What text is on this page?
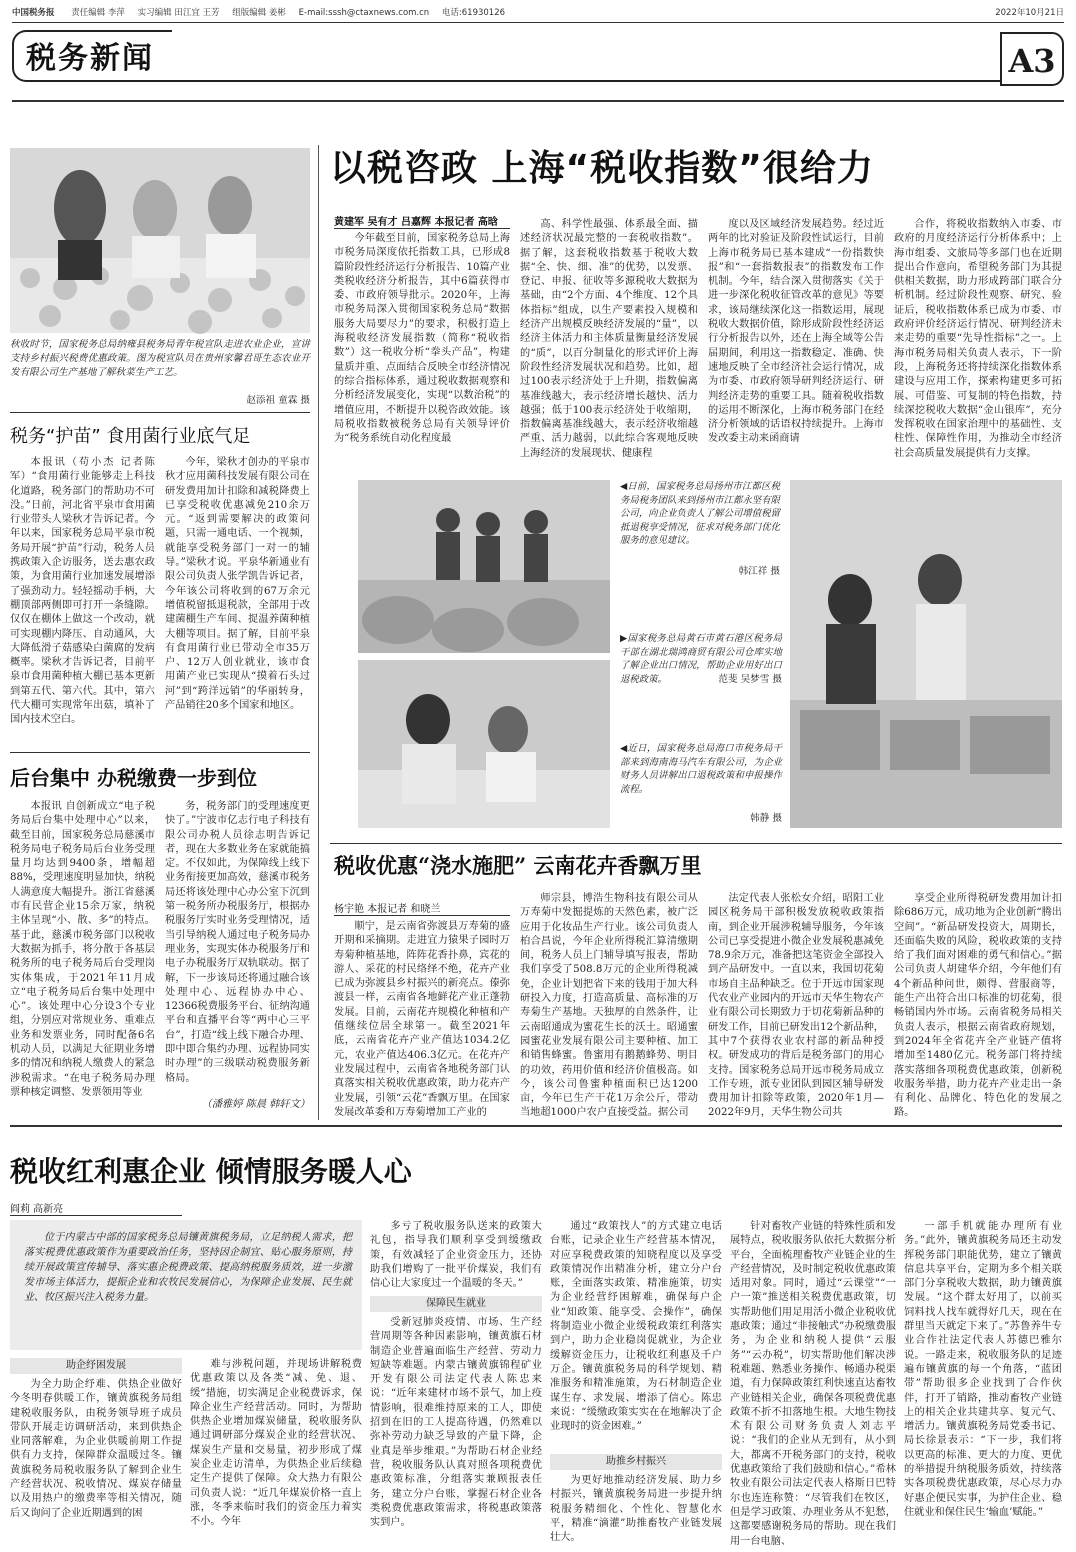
中国税务报 责任编辑 李萍 实习编辑 田江宜 王芳 组版编辑 姜彬 E-mail:sssh@ctaxnews.com.cn 电话:61930126	2022年10月21日
税务新闻	A3
秋收时节，国家税务总局纳雍县税务局青年税宣队走进农业企业，宣讲支持乡村振兴税费优惠政策。图为税宣队员在贵州家馨君哥生态农业开发有限公司生产基地了解秋菜生产工艺。
赵添祖 童霖 摄
税务“护苗” 食用菌行业底气足

本报讯（苟小杰 记者陈军）“食用菌行业能够走上科技化道路，税务部门的帮助功不可没。”日前，河北省平泉市食用菌行业带头人梁秋才告诉记者。今年以来，国家税务总局平泉市税务局开展“护苗”行动，税务人员携政策入企访服务，送去惠农政策，为食用菌行业加速发展增添了强劲动力。轻轻摇动手柄，大棚顶部两侧即可打开一条缝隙。仅仅在棚体上做这一个改动，就可实现棚内降压、自动通风，大大降低滑子菇感染白菌腐的发病概率。梁秋才告诉记者，目前平泉市食用菌种植大棚已基本更新到第五代、第六代。其中，第六代大棚可实现常年出菇，填补了国内技术空白。

今年，梁秋才创办的平泉市秋才应用菌科技发展有限公司在研发费用加计扣除和减税降费上已享受税收优惠减免210余万元。“返到需要解决的政策问题，只需一通电话、一个视频，就能享受税务部门一对一的辅导。”梁秋才说。平泉华新通业有限公司负责人张学凯告诉记者，今年该公司将收到的67万余元增值税留抵退税款，全部用于改建菌棚生产车间、捉温养菌种植大棚等项目。据了解，目前平泉有食用菌行业已带动全市35万户、12万人创业就业，该市食用菌产业已实现从“摸着石头过河”到“跨洋远销”的华丽转身，产品销往20多个国家和地区。

后台集中 办税缴费一步到位

本报讯 自创新成立“电子税务局后台集中处理中心”以来，截至目前，国家税务总局慈溪市税务局电子税务局后台业务受理量月均达到9400条，增幅超88%，受理速度明显加快，纳税人满意度大幅提升。浙江省慈溪市有民营企业15余万家，纳税主体呈现“小、散、多”的特点。基于此，慈溪市税务部门以税收大数据为抓手，将分散于各基层税务所的电子税务局后台受理岗实体集成，于2021年11月成立“电子税务局后台集中处理中心”。该处理中心分设3个专业组，分别应对常规业务、重难点业务和发票业务，同时配备6名机动人员，以满足大征期业务增多的情况和纳税人缴费人的紧急涉税需求。“在电子税务局办理票种核定调整、发票领用等业

务，税务部门的受理速度更快了。”宁波市亿志行电子科技有限公司办税人员徐志明告诉记者，现在大多数业务在家就能搞定。不仅如此，为保障线上线下业务衔接更加高效，慈溪市税务局还将该处理中心办公室下沉到第一税务所办税服务厅，根据办税服务厅实时业务受理情况，适当引导纳税人通过电子税务局办理业务，实现实体办税服务厅和电子办税服务厅双轨联动。据了解，下一步该局还将通过融合该处理中心、远程协办中心、12366税费服务平台、征纳沟通平台和直播平台等“两中心三平台”，打造“线上线下融合办理、即中即合集约办理、远程协同实时办理”的三级联动税费服务新格局。

（潘雅婷 陈晨 韩轩文）
以税咨政 上海“税收指数”很给力
黄建军 吴有才 吕嘉辉 本报记者 高晗

今年截至目前，国家税务总局上海市税务局深度依托指数工具，已形成8篇阶段性经济运行分析报告、10篇产业类税收经济分析报告，其中6篇获得市委、市政府领导批示。2020年，上海市税务局深入贯彻国家税务总局“数据服务大局要尽力”的要求，积极打造上海税收经济发展指数（简称“税收指数”）这一税收分析“拳头产品”，构建量质并重、点面结合反映全市经济情况的综合指标体系，通过税收数据观察和分析经济发展变化，实现“以数治税”的增值应用，不断提升以税咨政效能。该局税收指数被税务总局有关领导评价为“税务系统自动化程度最

高、科学性最强、体系最全面、描述经济状况最完整的一套税收指数”。据了解，这套税收指数基于税收大数据“全、快、细、准”的优势，以发票、登记、申报、征收等多源税收大数据为基础，由“2个方面、4个维度、12个具体指标”组成，以生产要素投入规模和经济产出规模反映经济发展的“量”，以经济主体活力和主体质量衡量经济发展的“质”，以百分制量化的形式评价上海阶段性经济发展状况和趋势。比如，超过100表示经济处于上升期，指数偏离基准线越大，表示经济增长越快、活力越强；低于100表示经济处于收缩期，指数偏离基准线越大，表示经济收缩越严重、活力越弱，以此综合客观地反映上海经济的发展现状、健康程

度以及区域经济发展趋势。经过近两年的比对验证及阶段性试运行，目前上海市税务局已基本建成“一份指数快报”和“一套指数报表”的指数发布工作机制。今年，结合深入贯彻落实《关于进一步深化税收征管改革的意见》等要求，该局继续深化这一指数运用，展现税收大数据价值，除形成阶段性经济运行分析报告以外，还在上海全域等公告届期间，利用这一指数稳定、准确、快速地反映了全市经济社会运行情况，成为市委、市政府领导研判经济运行、研判经济走势的重要工具。随着税收指数的运用不断深化，上海市税务部门在经济分析领域的话语权持续提升。上海市发改委主动来函商请

合作，将税收指数纳入市委、市政府的月度经济运行分析体系中；上海市组委、文旅局等多部门也在近期提出合作意向，希望税务部门为其提供相关数据，助力形成跨部门联合分析机制。经过阶段性观察、研究、验证后，税收指数体系已成为市委、市政府评价经济运行情况、研判经济未来走势的重要“先导性指标”之一。上海市税务局相关负责人表示，下一阶段，上海税务还将持续深化指数体系建设与应用工作，探索构建更多可拓展、可借鉴、可复制的特色指数，持续深挖税收大数据“金山银库”，充分发挥税收在国家治理中的基础性、支柱性、保障性作用，为推动全市经济社会高质量发展提供有力支撑。

◀日前，国家税务总局扬州市江都区税务局税务团队来到扬州市江都永坚有限公司，向企业负责人了解公司增值税留抵退税享受情况，征求对税务部门优化服务的意见建议。
韩江祥 摄
▶国家税务总局黄石市黄石港区税务局干部在湖北瑞鸿商贸有限公司仓库实地了解企业出口情况，帮助企业用好出口退税政策。	范斐 吴梦雪 摄
◀近日，国家税务总局海口市税务局干部来到海南海马汽车有限公司，为企业财务人员讲解出口退税政策和申报操作流程。
韩静 摄
税收优惠“浇水施肥” 云南花卉香飘万里
杨宇艳 本报记者 和晓兰

顺宁，是云南省弥渡县万寿菊的盛开期和采摘期。走进宜力猿果子园时万寿菊种植基地，阵阵花香扑鼻，宾花的游人、采花的村民络绎不绝，花卉产业已成为弥渡县乡村振兴的新亮点。傣弥渡县一样，云南省各地鲜花产业正蓬勃发展。目前，云南花卉规模化种植和产值继续位居全球第一。截至2021年底，云南省花卉产业产值达1034.2亿元，农业产值达406.3亿元。在花卉产业发展过程中，云南省各地税务部门认真落实相关税收优惠政策，助力花卉产业发展，引领“云花”香飘万里。在国家发展改革委和万寿菊增加工产业的

师宗县，博浩生物科技有限公司从万寿菊中发掘提炼的天然色素，被广泛应用于化妆品生产行业。该公司负责人柏合昌说，今年企业所得税汇算清缴期间，税务人员上门辅导填写报表，帮助我们享受了508.8万元的企业所得税减免，企业计划把省下来的钱用于加大科研投入力度，打造高质量、高标准的万寿菊生产基地。天独厚的自然条件，让云南昭通成为蜜花生长的沃土。昭通蜜园蜜花业发展有限公司主要种植、加工和销售蜂蜜。鲁蜜用有鹅鹅蜂势、明目的功效，药用价值和经济价值极高。如今，该公司鲁蜜种植面积已达1200亩，今年已生产干花1万余公斤，带动当地超1000户农户直接受益。据公司

法定代表人张松女介绍，昭阳工业园区税务局干部积极发放税收政策指南，到企业开展涉税辅导服务，今年该公司已享受提进小微企业发展税惠减免78.9余万元，准备把这笔资金全部投入到产品研发中。一直以来，我国切花菊市场自主品种缺乏。位于开远市国家现代农业产业园内的开远市天华生物农产业有限公司长期致力于切花菊新品种的研发工作，目前已研发出12个新品种，其中7个获得农业农村部的新品种授权。研发成功的背后是税务部门的用心支持。国家税务总局开远市税务局成立工作专班，派专业团队到园区辅导研发费用加计扣除等政策，2020年1月—2022年9月，天华生物公司共

享受企业所得税研发费用加计扣除686万元，成功地为企业创新“腾出空间”。“新品研发投资大，周期长，还面临失败的风险，税收政策的支持给了我们面对困难的勇气和信心。”据公司负责人胡建华介绍，今年他们有4个新品种问世，颇得、营服商等，能生产出符合出口标准的切花菊，很畅销国内外市场。云南省税务局相关负责人表示，根据云南省政府规划，到2024年全省花卉全产业链产值将增加至1480亿元。税务部门将持续落实落细各项税费优惠政策，创新税收服务举措，助力花卉产业走出一条有利化、品牌化、特色化的发展之路。

税收红利惠企业 倾情服务暖人心
阎莉 高新亮
位于内蒙古中部的国家税务总局镶黄旗税务局，立足纳税人需求，把落实税费优惠政策作为重要政治任务，坚持因企制宜、贴心服务原则，持续开展政策宣传辅导、落实惠企税费政策、提高纳税服务质效，进一步激发市场主体活力，提振企业和农牧民发展信心，为保障企业发展、民生就业、牧区振兴注入税务力量。
助企纾困发展

为全力助企纾难、供热企业做好今冬明春供暖工作，镶黄旗税务局组建税收服务队，由税务领导班子成员带队开展走访调研活动，来到供热企业同落解难，为企业供暖前期工作提供有力支持，保障群众温暖过冬。镶黄旗税务局税收服务队了解到企业生产经营状况、税收情况、煤炭存储量以及用热户的缴费率等相关情况，随后又询问了企业近期遇到的困

难与涉税问题，并现场讲解税费优惠政策以及各类“减、免、退、缓”措施，切实满足企业税费诉求，保障企业生产经营活动。同时，为帮助供热企业增加煤炭储量，税收服务队通过调研部分煤炭企业的经营状况、煤炭生产量和交易量，初步形成了煤炭企业走访清单，为供热企业后续稳定生产提供了保障。众大热力有限公司负责人说：“近几年煤炭价格一直上涨，冬季来临时我们的资金压力着实不小。今年

多亏了税收服务队送来的政策大礼包，指导我们顺利享受到缓缴政策，有效减轻了企业资金压力，还协助我们增购了一批平价煤炭，我们有信心让大家度过一个温暖的冬天。”

保障民生就业

受新冠肺炎疫情、市场、生产经营周期等各种因素影响，镶黄旗石材制造企业普遍面临生产经营、劳动力短缺等难题。内蒙古镶黄旗锦程矿业开发有限公司法定代表人陈忠来说：“近年来建材市场不景气，加上疫情影响，很难维持原来的工人，即使招到在旧的工人提高待遇，仍然难以弥补劳动力缺乏导致的产量下降，企业真是举步维艰。”为帮助石材企业经营，税收服务队认真对照各项税费优惠政策标准，分组落实兼顾报表任务，建立分户台账，掌握石材企业各类税费优惠政策需求，将税惠政策落实到户。

通过“政策找人”的方式建立电话台账，记录企业生产经营基本情况，对应享税费政策的知晓程度以及享受政策情况作出精准分析，建立分户台账，全面落实政策、精准施策，切实为企业经营纾困解难，确保每户企业“知政策、能享受、会操作”，确保将制造业小微企业缓税政策红利落实到户，助力企业稳岗促就业，为企业缓解资金压力，让税收红利惠及千户万企。镶黄旗税务局的科学规划、精准服务和精准施策，为石材制造企业谋生存、求发展、增添了信心。陈忠来说：“缓缴政策实实在在地解决了企业现时的资金困难。”

助推乡村振兴

为更好地推动经济发展、助力乡村振兴，镶黄旗税务局进一步提升纳税服务精细化、个性化、智慧化水平，精准“滴灌”助推畜牧产业链发展壮大。

针对畜牧产业链的特殊性质和发展特点，税收服务队依托大数据分析平台，全面梳理畜牧产业链企业的生产经营情况，及时制定税收优惠政策适用对象。同时，通过“云课堂”“一户一策”推送相关税费优惠政策，切实帮助他们用足用活小微企业税收优惠政策；通过“非接触式”办税缴费服务，为企业和纳税人提供“云服务”“云办税”，切实帮助他们解决涉税难题、熟悉业务操作、畅通办税渠道，有力保障政策红利快速直达畜牧产业链相关企业，确保各项税费优惠政策不折不扣落地生根。大地生物技术有限公司财务负责人刘志平说：“我们的企业从无到有，从小到大，都离不开税务部门的支持，税收优惠政策给了我们鼓励和信心。”希林牧业有限公司法定代表人格斯日巴特尔也连连称赞：“尽管我们在牧区，但是学习政策、办理业务从不犯愁，这都要感谢税务局的帮助。现在我们用一台电脑、

一部手机就能办理所有业务。”此外，镶黄旗税务局还主动发挥税务部门职能优势，建立了镶黄信息共享平台，定期为多个相关联部门分享税收大数据，助力镶黄旗发展。“这个群太好用了，以前买饲料找人找车就得好几天，现在在群里当天就定下来了。”苏鲁养牛专业合作社法定代表人苏德巴雅尔说。一路走来，税收服务队的足迹遍布镶黄旗的每一个角落，“蓝团带”帮助很多企业找到了合作伙伴，打开了销路，推动畜牧产业链上的相关企业共建共享、复元气、增活力。镶黄旗税务局党委书记、局长徐景表示：“下一步，我们将以更高的标准、更大的力度、更优的举措提升纳税服务质效，持续落实各项税费优惠政策，尽心尽力办好惠企便民实事，为护住企业、稳住就业和保住民生‘输血’赋能。”
